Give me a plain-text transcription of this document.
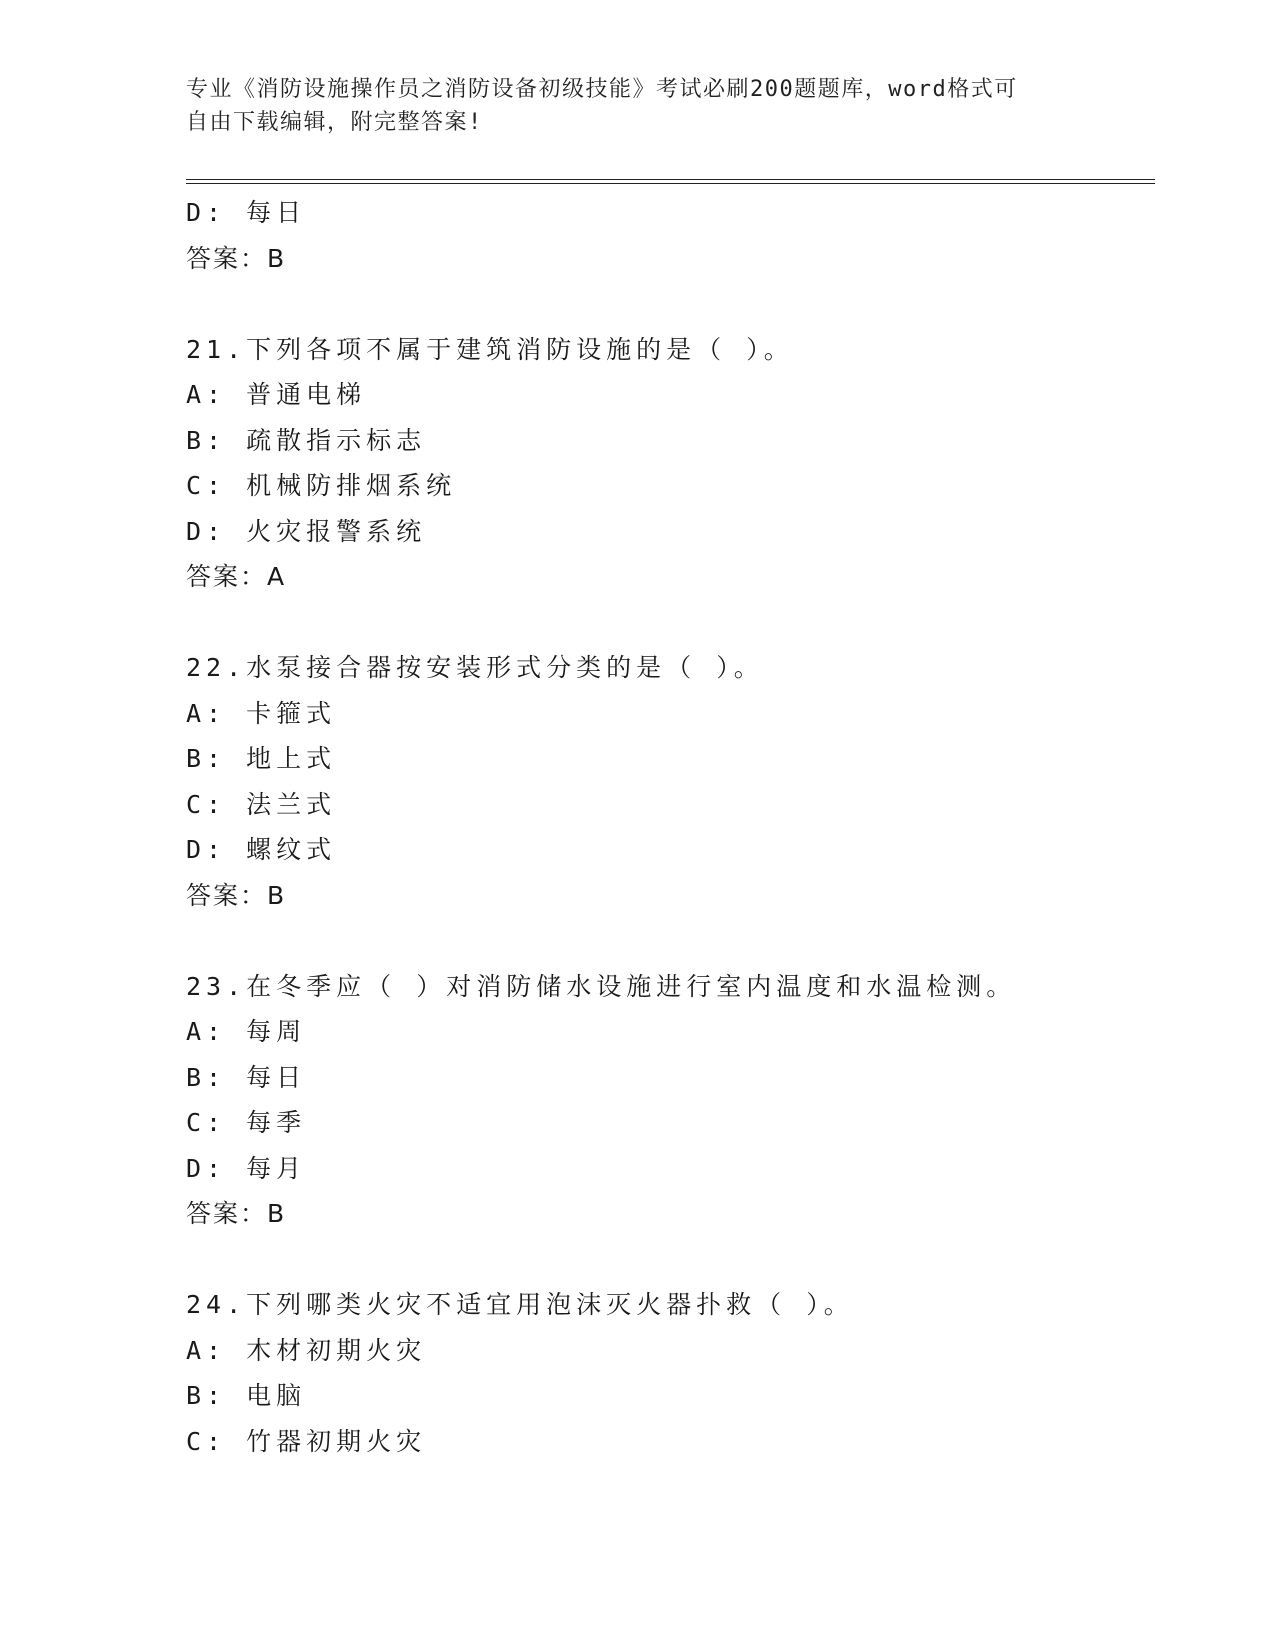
专业《消防设施操作员之消防设备初级技能》考试必刷200题题库，word格式可
自由下载编辑，附完整答案!
D: 每日
答案：B
21.下列各项不属于建筑消防设施的是（ ）。
A: 普通电梯
B: 疏散指示标志
C: 机械防排烟系统
D: 火灾报警系统
答案：A
22.水泵接合器按安装形式分类的是（ ）。
A: 卡箍式
B: 地上式
C: 法兰式
D: 螺纹式
答案：B
23.在冬季应（ ）对消防储水设施进行室内温度和水温检测。
A: 每周
B: 每日
C: 每季
D: 每月
答案：B
24.下列哪类火灾不适宜用泡沫灭火器扑救（ ）。
A: 木材初期火灾
B: 电脑
C: 竹器初期火灾
